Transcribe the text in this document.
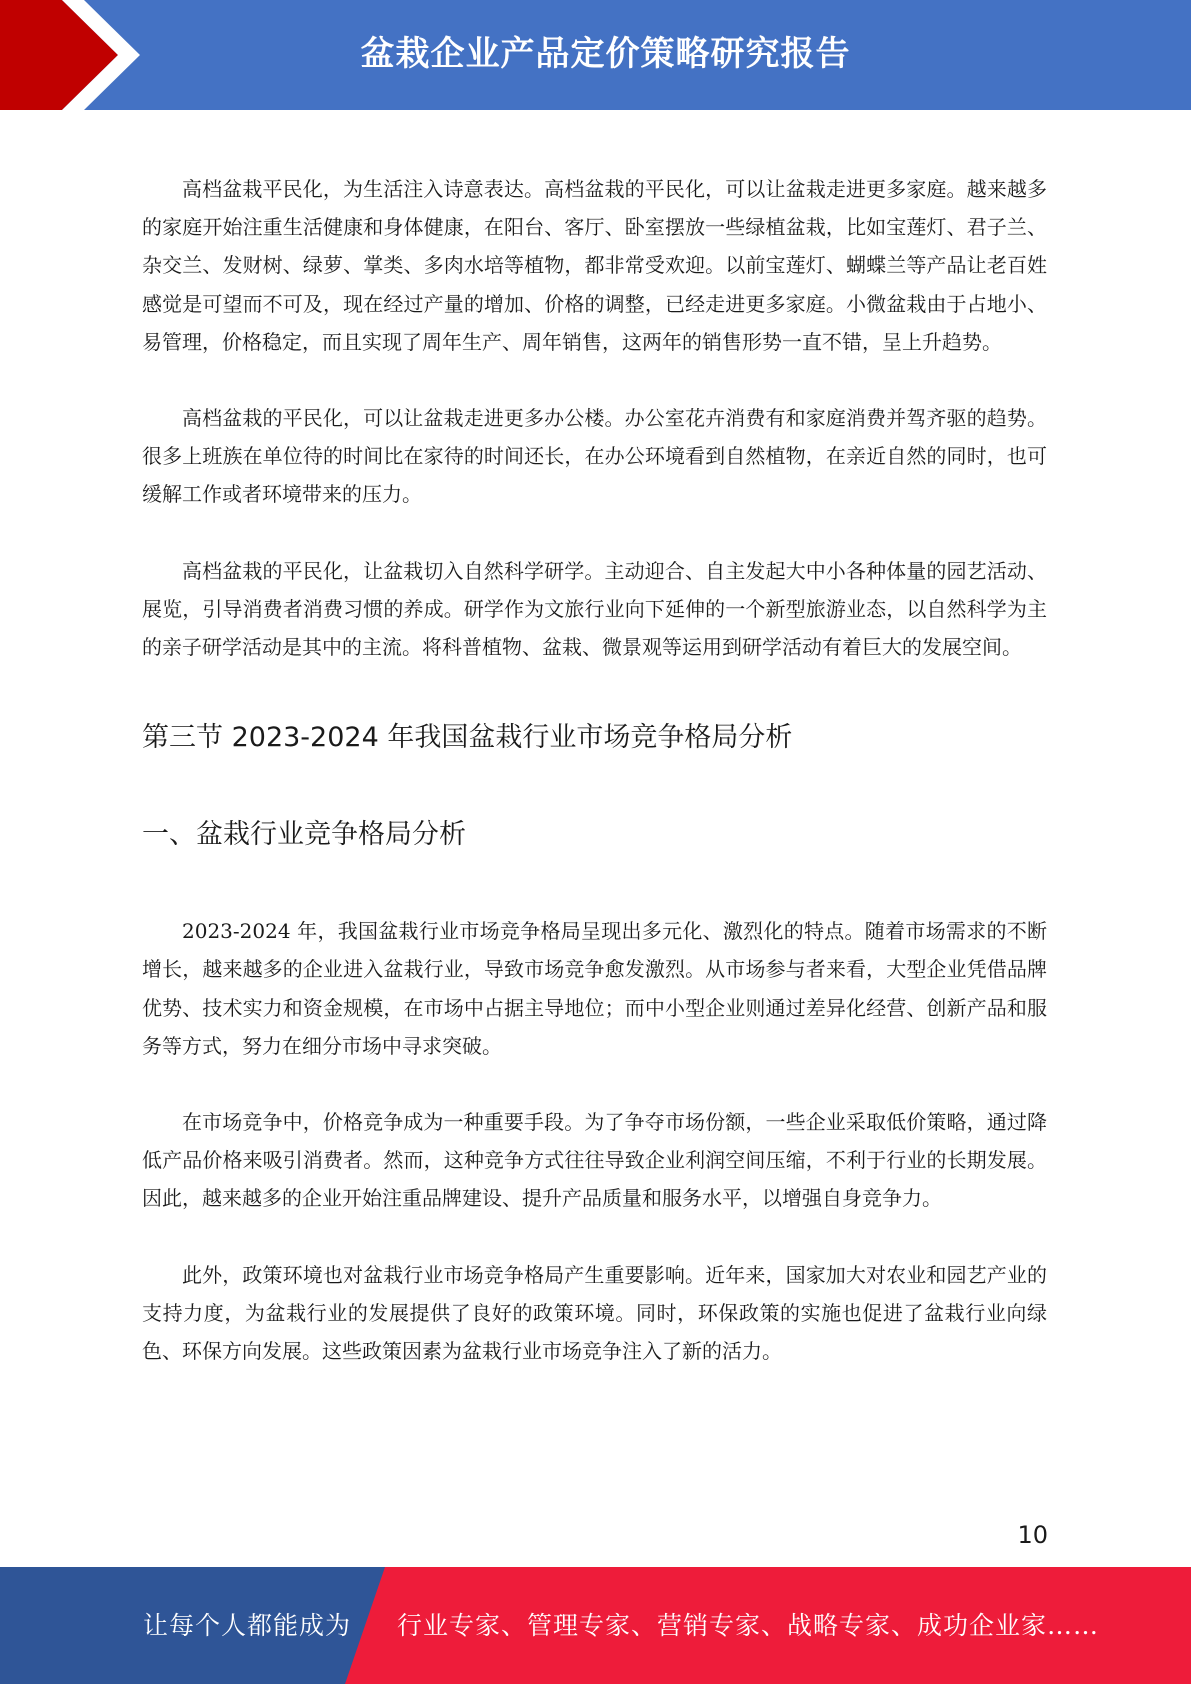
盆栽企业产品定价策略研究报告

高档盆栽平民化，为生活注入诗意表达。高档盆栽的平民化，可以让盆栽走进更多家庭。越来越多的家庭开始注重生活健康和身体健康，在阳台、客厅、卧室摆放一些绿植盆栽，比如宝莲灯、君子兰、杂交兰、发财树、绿萝、掌类、多肉水培等植物，都非常受欢迎。以前宝莲灯、蝴蝶兰等产品让老百姓感觉是可望而不可及，现在经过产量的增加、价格的调整，已经走进更多家庭。小微盆栽由于占地小、易管理，价格稳定，而且实现了周年生产、周年销售，这两年的销售形势一直不错，呈上升趋势。

高档盆栽的平民化，可以让盆栽走进更多办公楼。办公室花卉消费有和家庭消费并驾齐驱的趋势。很多上班族在单位待的时间比在家待的时间还长，在办公环境看到自然植物，在亲近自然的同时，也可缓解工作或者环境带来的压力。

高档盆栽的平民化，让盆栽切入自然科学研学。主动迎合、自主发起大中小各种体量的园艺活动、展览，引导消费者消费习惯的养成。研学作为文旅行业向下延伸的一个新型旅游业态，以自然科学为主的亲子研学活动是其中的主流。将科普植物、盆栽、微景观等运用到研学活动有着巨大的发展空间。

第三节 2023-2024 年我国盆栽行业市场竞争格局分析
一、盆栽行业竞争格局分析

2023-2024 年，我国盆栽行业市场竞争格局呈现出多元化、激烈化的特点。随着市场需求的不断增长，越来越多的企业进入盆栽行业，导致市场竞争愈发激烈。从市场参与者来看，大型企业凭借品牌优势、技术实力和资金规模，在市场中占据主导地位；而中小型企业则通过差异化经营、创新产品和服务等方式，努力在细分市场中寻求突破。

在市场竞争中，价格竞争成为一种重要手段。为了争夺市场份额，一些企业采取低价策略，通过降低产品价格来吸引消费者。然而，这种竞争方式往往导致企业利润空间压缩，不利于行业的长期发展。因此，越来越多的企业开始注重品牌建设、提升产品质量和服务水平，以增强自身竞争力。

此外，政策环境也对盆栽行业市场竞争格局产生重要影响。近年来，国家加大对农业和园艺产业的支持力度，为盆栽行业的发展提供了良好的政策环境。同时，环保政策的实施也促进了盆栽行业向绿色、环保方向发展。这些政策因素为盆栽行业市场竞争注入了新的活力。

10
让每个人都能成为 行业专家、管理专家、营销专家、战略专家、成功企业家……
